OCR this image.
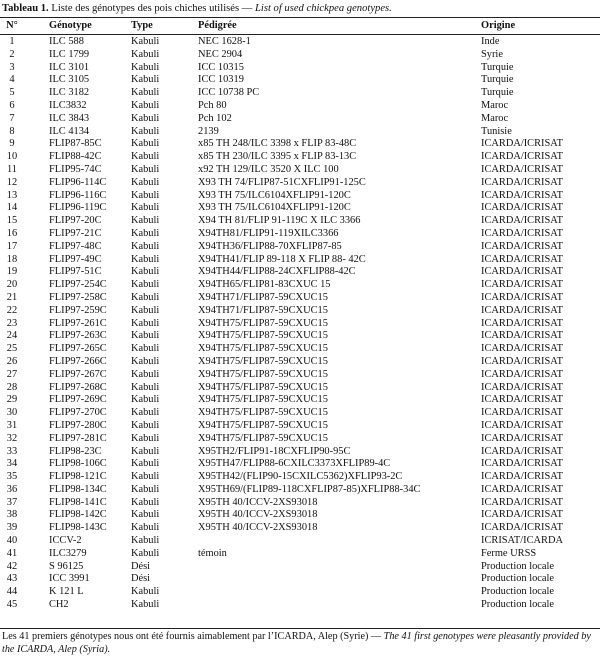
Tableau 1. Liste des génotypes des pois chiches utilisés — List of used chickpea genotypes.
N°	Génotype	Type	Pédigrée	Origine
1	ILC 588	Kabuli	NEC 1628-1	Inde
2	ILC 1799	Kabuli	NEC 2904	Syrie
3	ILC 3101	Kabuli	ICC 10315	Turquie
4	ILC 3105	Kabuli	ICC 10319	Turquie
5	ILC 3182	Kabuli	ICC 10738 PC	Turquie
6	ILC3832	Kabuli	Pch 80	Maroc
7	ILC 3843	Kabuli	Pch 102	Maroc
8	ILC 4134	Kabuli	2139	Tunisie
9	FLIP87-85C	Kabuli	x85 TH 248/ILC 3398 x FLIP 83-48C	ICARDA/ICRISAT
10	FLIP88-42C	Kabuli	x85 TH 230/ILC 3395 x FLIP 83-13C	ICARDA/ICRISAT
11	FLIP95-74C	Kabuli	x92 TH 129/ILC 3520 X ILC 100	ICARDA/ICRISAT
12	FLIP96-114C	Kabuli	X93 TH 74/FLIP87-51CXFLIP91-125C	ICARDA/ICRISAT
13	FLIP96-116C	Kabuli	X93 TH 75/ILC6104XFLIP91-120C	ICARDA/ICRISAT
14	FLIP96-119C	Kabuli	X93 TH 75/ILC6104XFLIP91-120C	ICARDA/ICRISAT
15	FLIP97-20C	Kabuli	X94 TH 81/FLIP 91-119C X ILC 3366	ICARDA/ICRISAT
16	FLIP97-21C	Kabuli	X94TH81/FLIP91-119XILC3366	ICARDA/ICRISAT
17	FLIP97-48C	Kabuli	X94TH36/FLIP88-70XFLIP87-85	ICARDA/ICRISAT
18	FLIP97-49C	Kabuli	X94TH41/FLIP 89-118 X FLIP 88- 42C	ICARDA/ICRISAT
19	FLIP97-51C	Kabuli	X94TH44/FLIP88-24CXFLIP88-42C	ICARDA/ICRISAT
20	FLIP97-254C	Kabuli	X94TH65/FLIP81-83CXUC 15	ICARDA/ICRISAT
21	FLIP97-258C	Kabuli	X94TH71/FLIP87-59CXUC15	ICARDA/ICRISAT
22	FLIP97-259C	Kabuli	X94TH71/FLIP87-59CXUC15	ICARDA/ICRISAT
23	FLIP97-261C	Kabuli	X94TH75/FLIP87-59CXUC15	ICARDA/ICRISAT
24	FLIP97-263C	Kabuli	X94TH75/FLIP87-59CXUC15	ICARDA/ICRISAT
25	FLIP97-265C	Kabuli	X94TH75/FLIP87-59CXUC15	ICARDA/ICRISAT
26	FLIP97-266C	Kabuli	X94TH75/FLIP87-59CXUC15	ICARDA/ICRISAT
27	FLIP97-267C	Kabuli	X94TH75/FLIP87-59CXUC15	ICARDA/ICRISAT
28	FLIP97-268C	Kabuli	X94TH75/FLIP87-59CXUC15	ICARDA/ICRISAT
29	FLIP97-269C	Kabuli	X94TH75/FLIP87-59CXUC15	ICARDA/ICRISAT
30	FLIP97-270C	Kabuli	X94TH75/FLIP87-59CXUC15	ICARDA/ICRISAT
31	FLIP97-280C	Kabuli	X94TH75/FLIP87-59CXUC15	ICARDA/ICRISAT
32	FLIP97-281C	Kabuli	X94TH75/FLIP87-59CXUC15	ICARDA/ICRISAT
33	FLIP98-23C	Kabuli	X95TH2/FLIP91-18CXFLIP90-95C	ICARDA/ICRISAT
34	FLIP98-106C	Kabuli	X95TH47/FLIP88-6CXILC3373XFLIP89-4C	ICARDA/ICRISAT
35	FLIP98-121C	Kabuli	X95TH42/(FLIP90-15CXILC5362)XFLIP93-2C	ICARDA/ICRISAT
36	FLIP98-134C	Kabuli	X95TH69/(FLIP89-118CXFLIP87-85)XFLIP88-34C	ICARDA/ICRISAT
37	FLIP98-141C	Kabuli	X95TH 40/ICCV-2XS93018	ICARDA/ICRISAT
38	FLIP98-142C	Kabuli	X95TH 40/ICCV-2XS93018	ICARDA/ICRISAT
39	FLIP98-143C	Kabuli	X95TH 40/ICCV-2XS93018	ICARDA/ICRISAT
40	ICCV-2	Kabuli		ICRISAT/ICARDA
41	ILC3279	Kabuli	témoin	Ferme URSS
42	S 96125	Dési		Production locale
43	ICC 3991	Dési		Production locale
44	K 121 L	Kabuli		Production locale
45	CH2	Kabuli		Production locale
Les 41 premiers génotypes nous ont été fournis aimablement par l’ICARDA, Alep (Syrie) — The 41 first genotypes were pleasantly provided by the ICARDA, Alep (Syria).
